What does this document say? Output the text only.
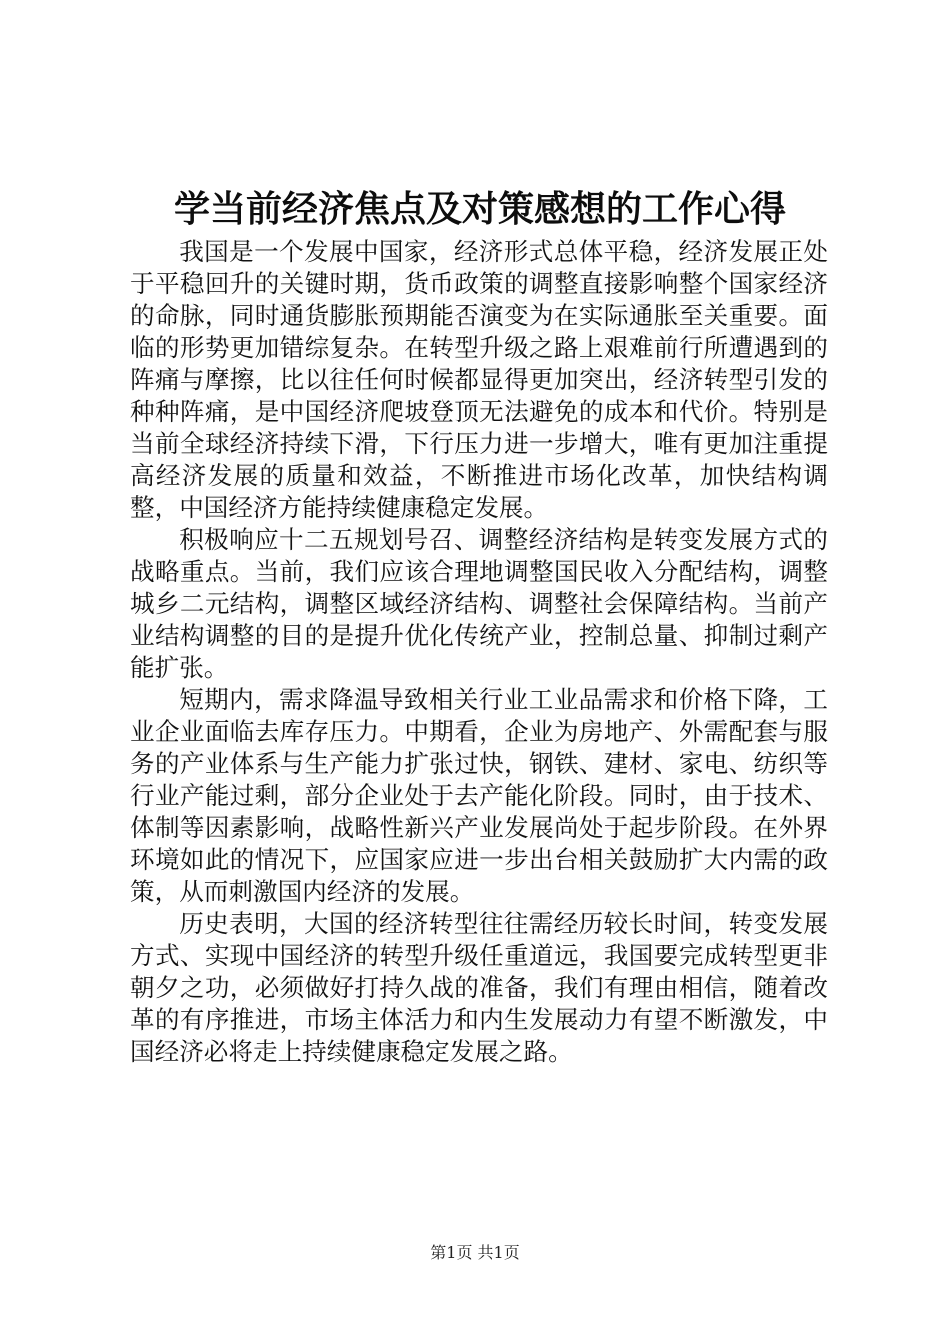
学当前经济焦点及对策感想的工作心得

我国是一个发展中国家，经济形式总体平稳，经济发展正处于平稳回升的关键时期，货币政策的调整直接影响整个国家经济的命脉，同时通货膨胀预期能否演变为在实际通胀至关重要。面临的形势更加错综复杂。在转型升级之路上艰难前行所遭遇到的阵痛与摩擦，比以往任何时候都显得更加突出，经济转型引发的种种阵痛，是中国经济爬坡登顶无法避免的成本和代价。特别是当前全球经济持续下滑，下行压力进一步增大，唯有更加注重提高经济发展的质量和效益，不断推进市场化改革，加快结构调整，中国经济方能持续健康稳定发展。

积极响应十二五规划号召、调整经济结构是转变发展方式的战略重点。当前，我们应该合理地调整国民收入分配结构，调整城乡二元结构，调整区域经济结构、调整社会保障结构。当前产业结构调整的目的是提升优化传统产业，控制总量、抑制过剩产能扩张。

短期内，需求降温导致相关行业工业品需求和价格下降，工业企业面临去库存压力。中期看，企业为房地产、外需配套与服务的产业体系与生产能力扩张过快，钢铁、建材、家电、纺织等行业产能过剩，部分企业处于去产能化阶段。同时，由于技术、体制等因素影响，战略性新兴产业发展尚处于起步阶段。在外界环境如此的情况下，应国家应进一步出台相关鼓励扩大内需的政策，从而刺激国内经济的发展。

历史表明，大国的经济转型往往需经历较长时间，转变发展方式、实现中国经济的转型升级任重道远，我国要完成转型更非朝夕之功，必须做好打持久战的准备，我们有理由相信，随着改革的有序推进，市场主体活力和内生发展动力有望不断激发，中国经济必将走上持续健康稳定发展之路。

第1页 共1页
